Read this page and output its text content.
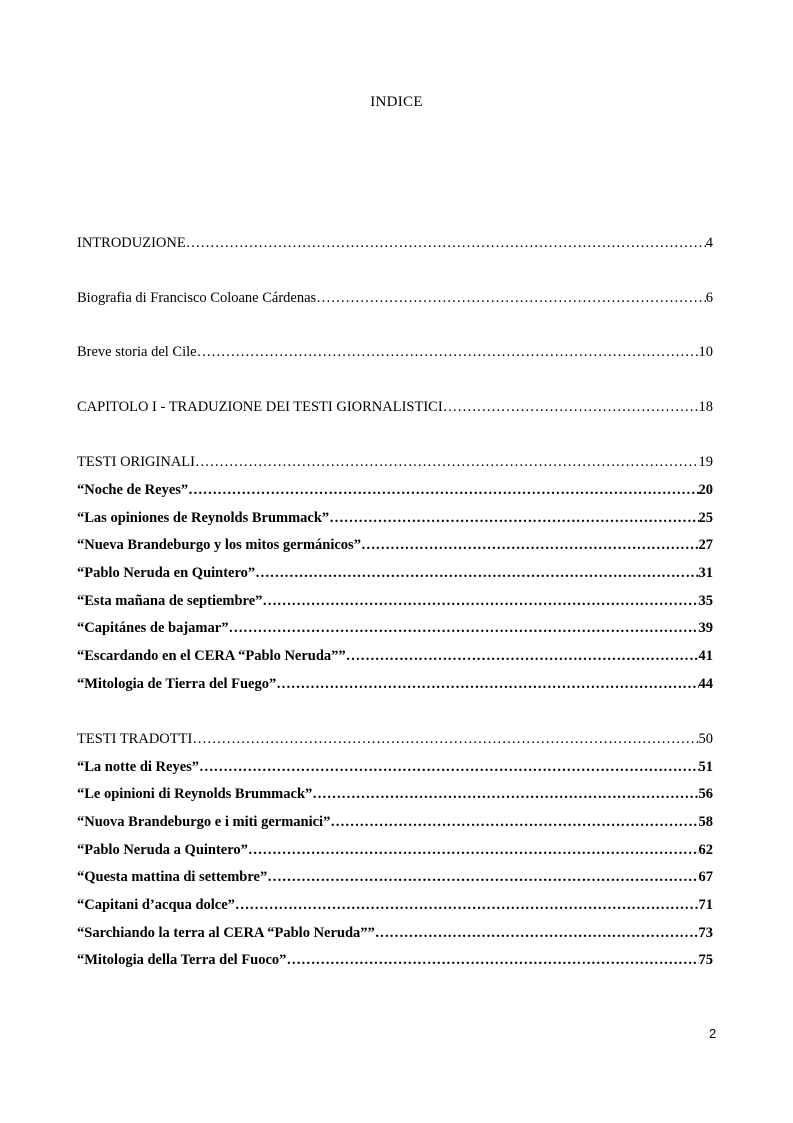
INDICE
INTRODUZIONE …………………………………………………………………………………………………………………………………………………………………………………………	4
Biografia di Francisco Coloane Cárdenas …………………………………………………………………………………………………………………………………………………………………………………………	6
Breve storia del Cile …………………………………………………………………………………………………………………………………………………………………………………………	10
CAPITOLO I - TRADUZIONE DEI TESTI GIORNALISTICI …………………………………………………………………………………………………………………………………………………………………………………………	18
TESTI ORIGINALI …………………………………………………………………………………………………………………………………………………………………………………………	19
“Noche de Reyes” …………………………………………………………………………………………………………………………………………………………………………………………	20
“Las opiniones de Reynolds Brummack” …………………………………………………………………………………………………………………………………………………………………………………………	25
“Nueva Brandeburgo y los mitos germánicos” …………………………………………………………………………………………………………………………………………………………………………………………	27
“Pablo Neruda en Quintero” …………………………………………………………………………………………………………………………………………………………………………………………	31
“Esta mañana de septiembre” …………………………………………………………………………………………………………………………………………………………………………………………	35
“Capitánes de bajamar” …………………………………………………………………………………………………………………………………………………………………………………………	39
“Escardando en el CERA “Pablo Neruda”” …………………………………………………………………………………………………………………………………………………………………………………………	41
“Mitologia de Tierra del Fuego” …………………………………………………………………………………………………………………………………………………………………………………………	44
TESTI TRADOTTI …………………………………………………………………………………………………………………………………………………………………………………………	50
“La notte di Reyes” …………………………………………………………………………………………………………………………………………………………………………………………	51
“Le opinioni di Reynolds Brummack” …………………………………………………………………………………………………………………………………………………………………………………………	56
“Nuova Brandeburgo e i miti germanici” …………………………………………………………………………………………………………………………………………………………………………………………	58
“Pablo Neruda a Quintero” …………………………………………………………………………………………………………………………………………………………………………………………	62
“Questa mattina di settembre” …………………………………………………………………………………………………………………………………………………………………………………………	67
“Capitani d’acqua dolce” …………………………………………………………………………………………………………………………………………………………………………………………	71
“Sarchiando la terra al CERA “Pablo Neruda”” …………………………………………………………………………………………………………………………………………………………………………………………	73
“Mitologia della Terra del Fuoco” …………………………………………………………………………………………………………………………………………………………………………………………	75
2
